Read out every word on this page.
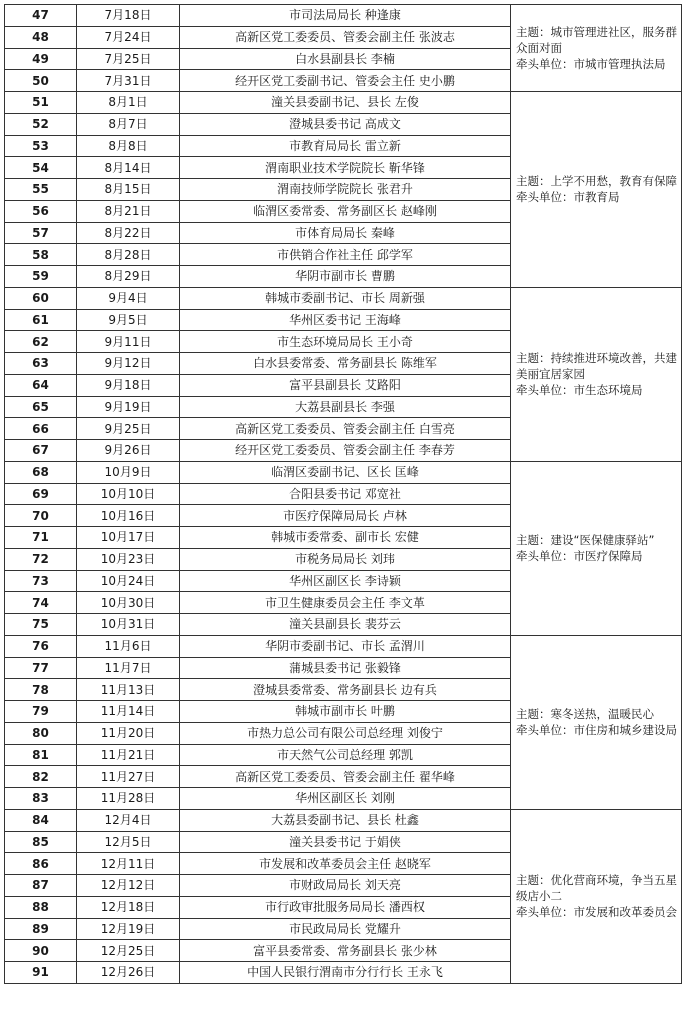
47	7月18日	市司法局局长 种逢康	主题：城市管理进社区，服务群众面对面
牵头单位：市城市管理执法局

48	7月24日	高新区党工委委员、管委会副主任 张波志	
49	7月25日	白水县副县长 李楠	
50	7月31日	经开区党工委副书记、管委会主任 史小鹏	
51	8月1日	潼关县委副书记、县长 左俊	主题：上学不用愁，教育有保障
牵头单位：市教育局

52	8月7日	澄城县委书记 高成文	
53	8月8日	市教育局局长 雷立新	
54	8月14日	渭南职业技术学院院长 靳华锋	
55	8月15日	渭南技师学院院长 张君升	
56	8月21日	临渭区委常委、常务副区长 赵峰刚	
57	8月22日	市体育局局长 秦峰	
58	8月28日	市供销合作社主任 邱学军	
59	8月29日	华阴市副市长 曹鹏	
60	9月4日	韩城市委副书记、市长 周新强	主题：持续推进环境改善，共建美丽宜居家园
牵头单位：市生态环境局

61	9月5日	华州区委书记 王海峰	
62	9月11日	市生态环境局局长 王小奇	
63	9月12日	白水县委常委、常务副县长 陈维军	
64	9月18日	富平县副县长 艾路阳	
65	9月19日	大荔县副县长 李强	
66	9月25日	高新区党工委委员、管委会副主任 白雪亮	
67	9月26日	经开区党工委委员、管委会副主任 李春芳	
68	10月9日	临渭区委副书记、区长 匡峰	主题：建设“医保健康驿站”
牵头单位：市医疗保障局

69	10月10日	合阳县委书记 邓宽社	
70	10月16日	市医疗保障局局长 卢林	
71	10月17日	韩城市委常委、副市长 宏健	
72	10月23日	市税务局局长 刘玮	
73	10月24日	华州区副区长 李诗颖	
74	10月30日	市卫生健康委员会主任 李文革	
75	10月31日	潼关县副县长 裴芬云	
76	11月6日	华阴市委副书记、市长 孟渭川	主题：寒冬送热，温暖民心
牵头单位：市住房和城乡建设局

77	11月7日	蒲城县委书记 张毅锋	
78	11月13日	澄城县委常委、常务副县长 边有兵	
79	11月14日	韩城市副市长 叶鹏	
80	11月20日	市热力总公司有限公司总经理 刘俊宁	
81	11月21日	市天然气公司总经理 郭凯	
82	11月27日	高新区党工委委员、管委会副主任 翟华峰	
83	11月28日	华州区副区长 刘刚	
84	12月4日	大荔县委副书记、县长 杜鑫	主题：优化营商环境，争当五星级店小二
牵头单位：市发展和改革委员会

85	12月5日	潼关县委书记 于娟侠	
86	12月11日	市发展和改革委员会主任 赵晓军	
87	12月12日	市财政局局长 刘天亮	
88	12月18日	市行政审批服务局局长 潘西权	
89	12月19日	市民政局局长 党耀升	
90	12月25日	富平县委常委、常务副县长 张少林	
91	12月26日	中国人民银行渭南市分行行长 王永飞	
